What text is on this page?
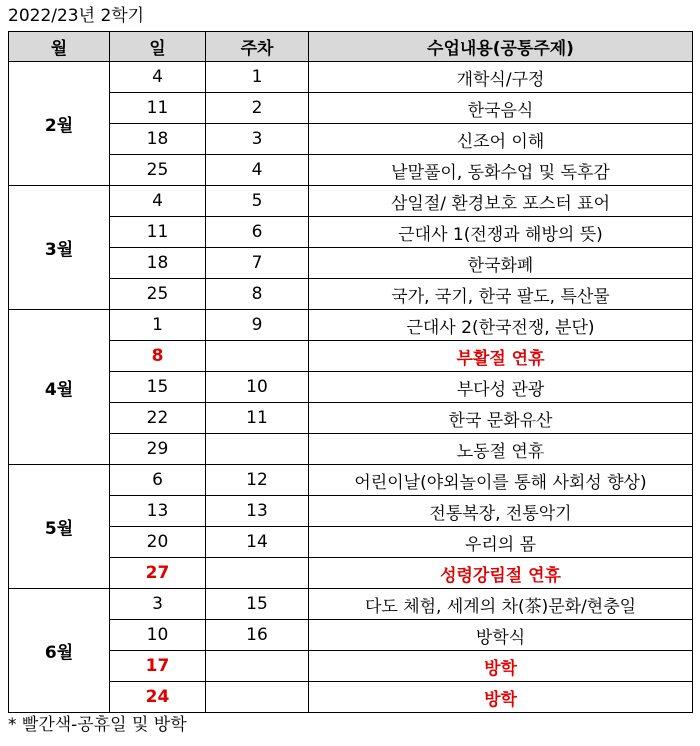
2022/23년 2학기
월	일	주차	수업내용(공통주제)
2월	4	1	개학식/구정
	11	2	한국음식
	18	3	신조어 이해
	25	4	낱말풀이, 동화수업 및 독후감
3월	4	5	삼일절/ 환경보호 포스터 표어
	11	6	근대사 1(전쟁과 해방의 뜻)
	18	7	한국화폐
	25	8	국가, 국기, 한국 팔도, 특산물
4월	1	9	근대사 2(한국전쟁, 분단)
	8		부활절 연휴
	15	10	부다성 관광
	22	11	한국 문화유산
	29		노동절 연휴
5월	6	12	어린이날(야외놀이를 통해 사회성 향상)
	13	13	전통복장, 전통악기
	20	14	우리의 몸
	27		성령강림절 연휴
6월	3	15	다도 체험, 세계의 차(茶)문화/현충일
	10	16	방학식
	17		방학
	24		방학
* 빨간색-공휴일 및 방학
